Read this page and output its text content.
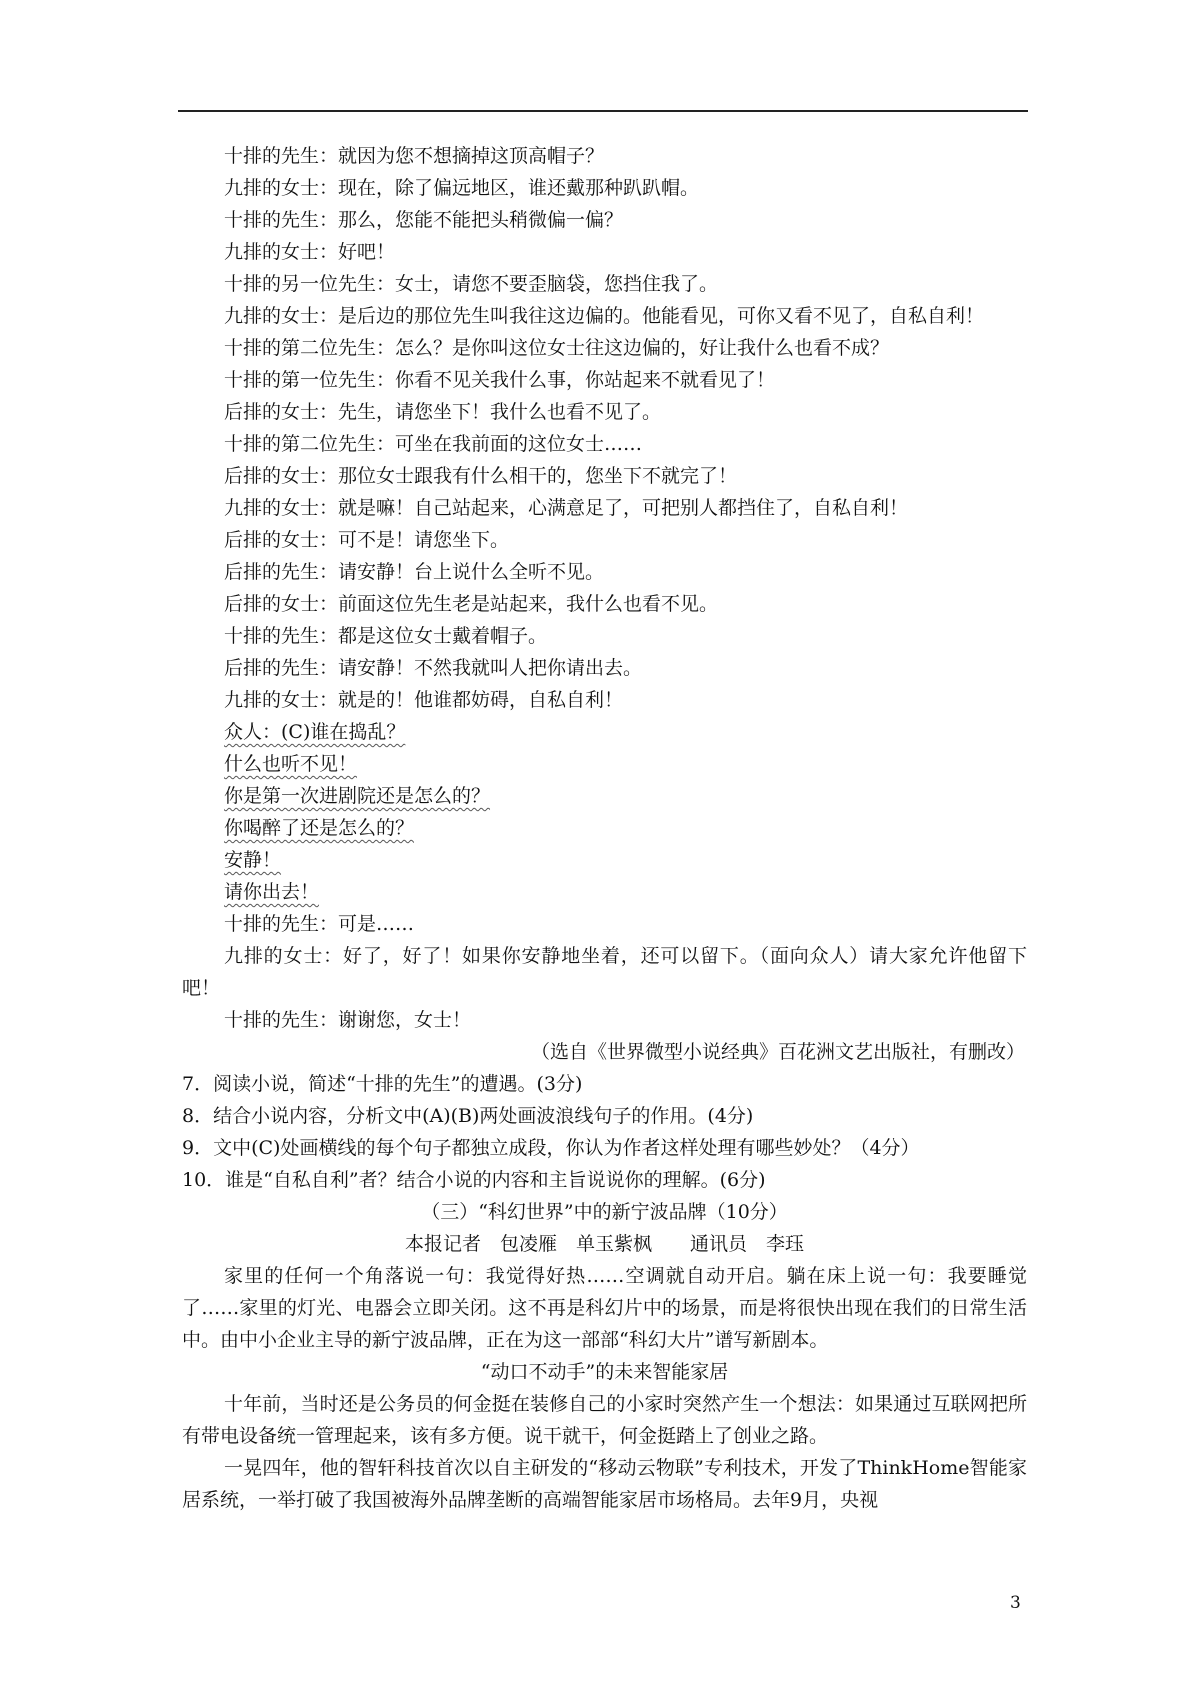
十排的先生：就因为您不想摘掉这顶高帽子？

九排的女士：现在，除了偏远地区，谁还戴那种趴趴帽。

十排的先生：那么，您能不能把头稍微偏一偏？

九排的女士：好吧！

十排的另一位先生：女士，请您不要歪脑袋，您挡住我了。

九排的女士：是后边的那位先生叫我往这边偏的。他能看见，可你又看不见了，自私自利！

十排的第二位先生：怎么？是你叫这位女士往这边偏的，好让我什么也看不成？

十排的第一位先生：你看不见关我什么事，你站起来不就看见了！

后排的女士：先生，请您坐下！我什么也看不见了。

十排的第二位先生：可坐在我前面的这位女士……

后排的女士：那位女士跟我有什么相干的，您坐下不就完了！

九排的女士：就是嘛！自己站起来，心满意足了，可把别人都挡住了，自私自利！

后排的女士：可不是！请您坐下。

后排的先生：请安静！台上说什么全听不见。

后排的女士：前面这位先生老是站起来，我什么也看不见。

十排的先生：都是这位女士戴着帽子。

后排的先生：请安静！不然我就叫人把你请出去。

九排的女士：就是的！他谁都妨碍，自私自利！

众人：(C)谁在捣乱？

什么也听不见！

你是第一次进剧院还是怎么的？

你喝醉了还是怎么的？

安静！

请你出去！

十排的先生：可是……

九排的女士：好了，好了！如果你安静地坐着，还可以留下。（面向众人）请大家允许他留下吧！

十排的先生：谢谢您，女士！

（选自《世界微型小说经典》百花洲文艺出版社，有删改）

7．阅读小说，简述“十排的先生”的遭遇。(3分)

8．结合小说内容，分析文中(A)(B)两处画波浪线句子的作用。(4分)

9．文中(C)处画横线的每个句子都独立成段，你认为作者这样处理有哪些妙处？（4分）

10．谁是“自私自利”者？结合小说的内容和主旨说说你的理解。(6分)

（三）“科幻世界”中的新宁波品牌（10分）

本报记者　包凌雁　单玉紫枫　　通讯员　李珏

家里的任何一个角落说一句：我觉得好热……空调就自动开启。躺在床上说一句：我要睡觉了……家里的灯光、电器会立即关闭。这不再是科幻片中的场景，而是将很快出现在我们的日常生活中。由中小企业主导的新宁波品牌，正在为这一部部“科幻大片”谱写新剧本。

“动口不动手”的未来智能家居

十年前，当时还是公务员的何金挺在装修自己的小家时突然产生一个想法：如果通过互联网把所有带电设备统一管理起来，该有多方便。说干就干，何金挺踏上了创业之路。

一晃四年，他的智轩科技首次以自主研发的“移动云物联”专利技术，开发了ThinkHome智能家居系统，一举打破了我国被海外品牌垄断的高端智能家居市场格局。去年9月，央视

3
